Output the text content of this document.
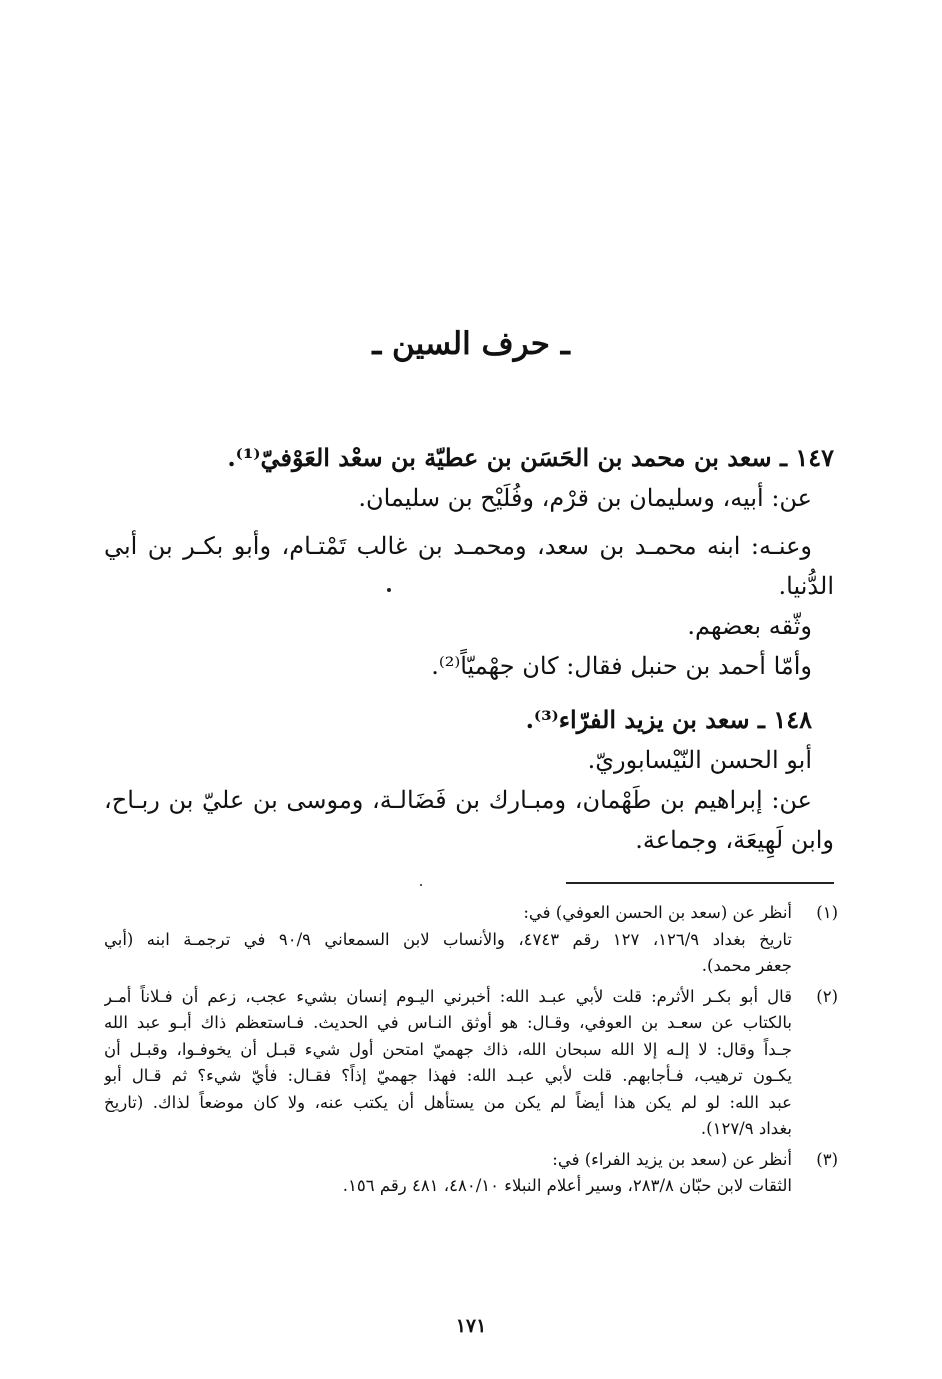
ـ حرف السين ـ
١٤٧ ـ سعد بن محمد بن الحَسَن بن عطيّة بن سعْد العَوْفيّ⁽¹⁾.
عن: أبيه، وسليمان بن قرْم، وفُلَيْح بن سليمان.
وعنـه: ابنه محمـد بن سعد، ومحمـد بن غالب تَمْتـام، وأبو بكـر بن أبي
الدُّنيا.
وثّقه بعضهم.
وأمّا أحمد بن حنبل فقال: كان جهْميّاً⁽²⁾.
١٤٨ ـ سعد بن يزيد الفرّاء⁽³⁾.
أبو الحسن النّيْسابوريّ.
عن: إبراهيم بن طَهْمان، ومبـارك بن فَضَالـة، وموسى بن عليّ بن ربـاح،
وابن لَهِيعَة، وجماعة.
(١)
أنظر عن (سعد بن الحسن العوفي) في:
تاريخ بغداد ١٢٦/٩، ١٢٧ رقم ٤٧٤٣، والأنساب لابن السمعاني ٩٠/٩ في ترجمـة ابنه (أبي
جعفر محمد).
(٢)
قال أبو بكـر الأثرم: قلت لأبي عبـد الله: أخبرني اليـوم إنسان بشيء عجب، زعم أن فـلاناً أمـر
بالكتاب عن سعـد بن العوفي، وقـال: هو أوثق النـاس في الحديث. فـاستعظم ذاك أبـو عبد الله
جـداً وقال: لا إلـه إلا الله سبحان الله، ذاك جهميّ امتحن أول شيء قبـل أن يخوفـوا، وقبـل أن
يكـون ترهيب، فـأجابهم. قلت لأبي عبـد الله: فهذا جهميّ إذاً؟ فقـال: فأيّ شيء؟ ثم قـال أبو
عبد الله: لو لم يكن هذا أيضاً لم يكن من يستأهل أن يكتب عنه، ولا كان موضعاً لذاك. (تاريخ
بغداد ١٢٧/٩).
(٣)
أنظر عن (سعد بن يزيد الفراء) في:
الثقات لابن حبّان ٢٨٣/٨، وسير أعلام النبلاء ٤٨٠/١٠، ٤٨١ رقم ١٥٦.
١٧١
